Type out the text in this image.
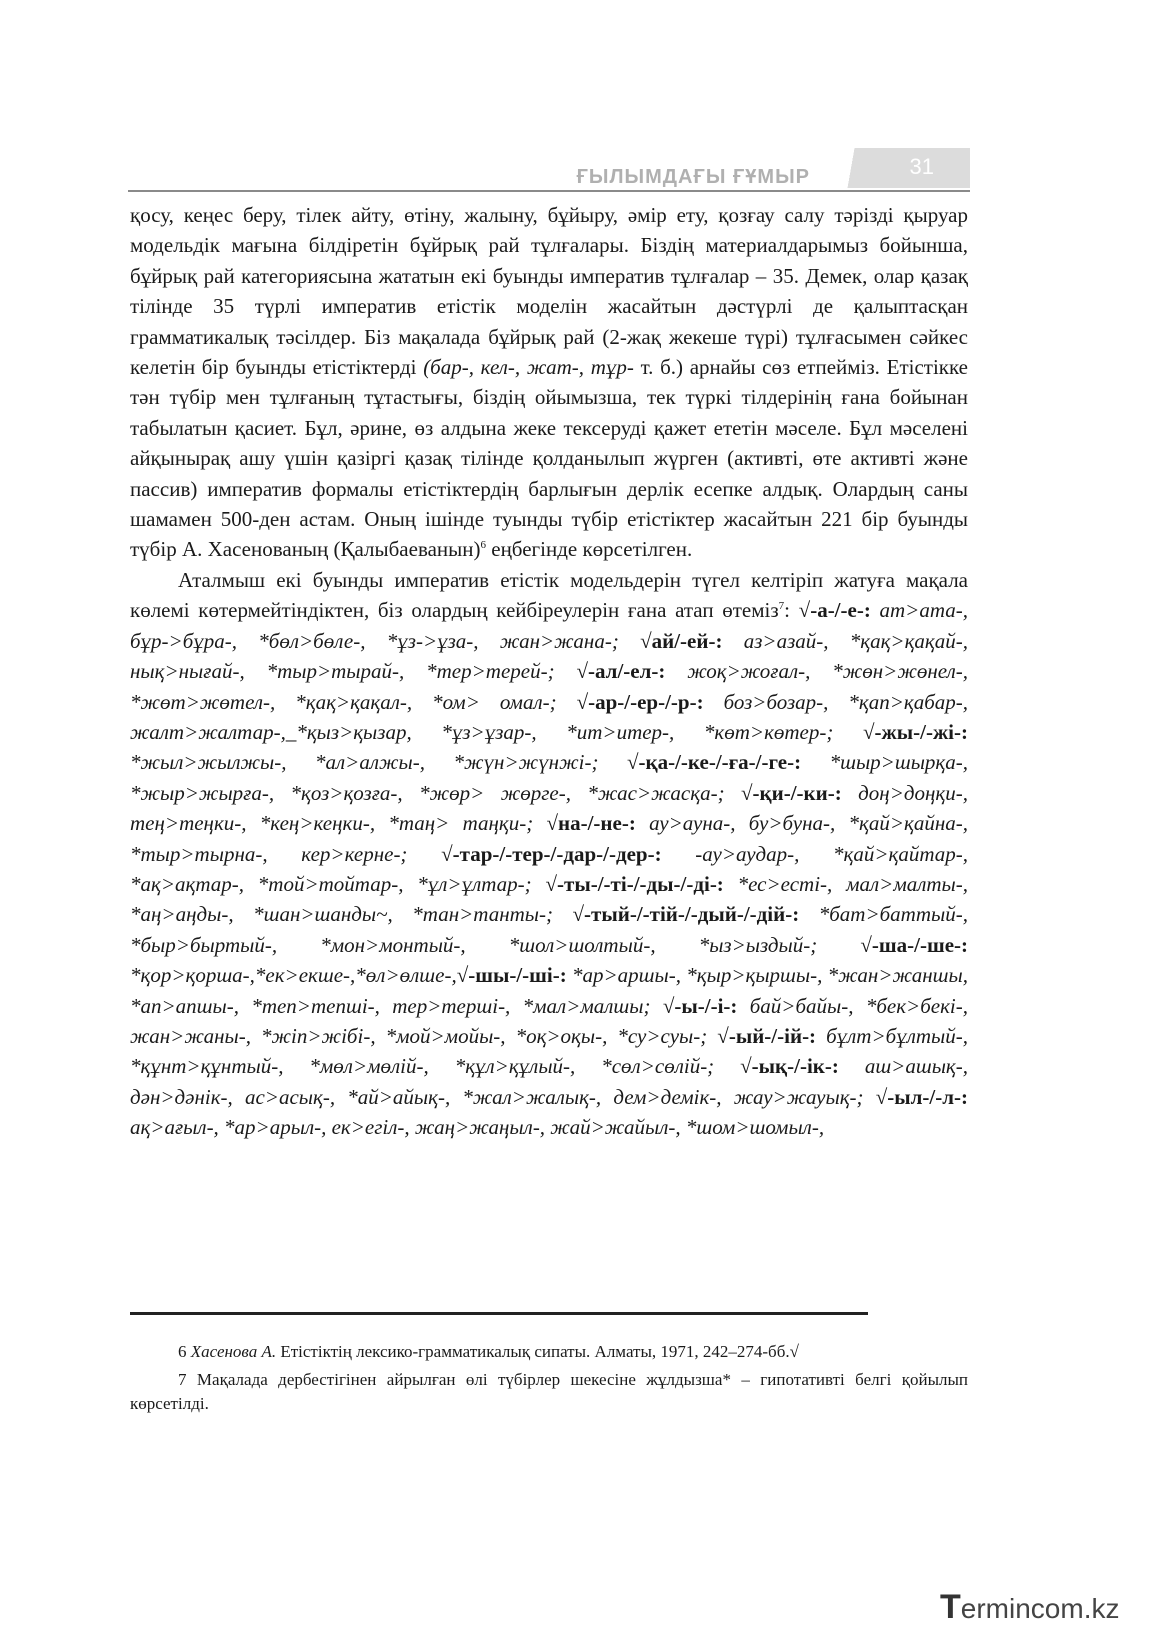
ҒЫЛЫМДАҒЫ ҒҰМЫР	31

қосу, кеңес беру, тілек айту, өтіну, жалыну, бұйыру, әмір ету, қозғау салу тәрізді қыруар модельдік мағына білдіретін бұйрық рай тұлғалары. Біздің материалдарымыз бойынша, бұйрық рай категориясына жататын екі буынды императив тұлғалар – 35. Демек, олар қазақ тілінде 35 түрлі императив етістік моделін жасайтын дәстүрлі де қалыптасқан грамматикалық тәсілдер. Біз мақалада бұйрық рай (2-жақ жекеше түрі) тұлғасымен сәйкес келетін бір буынды етістіктерді (бар-, кел-, жат-, тұр- т. б.) арнайы сөз етпейміз. Етістікке тән түбір мен тұлғаның тұтастығы, біздің ойымызша, тек түркі тілдерінің ғана бойынан табылатын қасиет. Бұл, әрине, өз алдына жеке тексеруді қажет ететін мәселе. Бұл мәселені айқынырақ ашу үшін қазіргі қазақ тілінде қолданылып жүрген (активті, өте активті және пассив) императив формалы етістіктердің барлығын дерлік есепке алдық. Олардың саны шамамен 500-ден астам. Оның ішінде туынды түбір етістіктер жасайтын 221 бір буынды түбір А. Хасенованың (Қалыбаеванын)$^6$ еңбегінде көрсетілген.

Аталмыш екі буынды императив етістік модельдерін түгел келтіріп жатуға мақала көлемі көтермейтіндіктен, біз олардың кейбіреулерін ғана атап өтеміз$^7$: √-а-/-е-: ат>ата-, бұр->бұра-, *бөл>бөле-, *ұз->ұза-, жан>жана-; √ай/-ей-: аз>азай-, *қақ>қақай-, нық>нығай-, *тыр>тырай-, *тер>терей-; √-ал/-ел-: жоқ>жоғал-, *жөн>жөнел-, *жөт>жөтел-, *қақ>қақал-, *ом> омал-; √-ар-/-ер-/-р-: боз>бозар-, *қап>қабар-, жалт>жалтар-,_*қыз>қызар, *ұз>ұзар-, *ит>итер-, *көт>көтер-; √-жы-/-жі-: *жыл>жылжы-, *ал>алжы-, *жүн>жүнжі-; √-қа-/-ке-/-ға-/-ге-: *шыр>шырқа-, *жыр>жырға-, *қоз>қозға-, *жөр> жөрге-, *жас>жасқа-; √-қи-/-ки-: доң>доңқи-, тең>теңки-, *кең>кеңки-, *таң> таңқи-; √на-/-не-: ау>ауна-, бу>буна-, *қай>қайна-, *тыр>тырна-, кер>керне-; √-тар-/-тер-/-дар-/-дер-: -ау>аудар-, *қай>қайтар-, *ақ>ақтар-, *той>тойтар-, *ұл>ұлтар-; √-ты-/-ті-/-ды-/-ді-: *ес>есті-, мал>малты-, *аң>аңды-, *шан>шанды~, *тан>танты-; √-тый-/-тій-/-дый-/-дій-: *бат>баттый-, *быр>быртый-, *мон>монтый-, *шол>шолтый-, *ыз>ыздый-; √-ша-/-ше-: *қор>қорша-,*ек>екше-,*өл>өлше-,√-шы-/-ші-: *ар>аршы-, *қыр>қыршы-, *жан>жаншы, *ап>апшы-, *теп>тепші-, тер>терші-, *мал>малшы; √-ы-/-і-: бай>байы-, *бек>бекі-, жан>жаны-, *жіп>жібі-, *мой>мойы-, *оқ>оқы-, *су>суы-; √-ый-/-ій-: бұлт>бұлтый-, *құнт>құнтый-, *мөл>мөлій-, *құл>құлый-, *сөл>сөлій-; √-ық-/-ік-: аш>ашық-, дән>дәнік-, ас>асық-, *ай>айық-, *жал>жалық-, дем>демік-, жау>жауық-; √-ыл-/-л-: ақ>ағыл-, *ар>арыл-, ек>егіл-, жаң>жаңыл-, жай>жайыл-, *шом>шомыл-,

6 Хасенова А. Етістіктің лексико-грамматикалық сипаты. Алматы, 1971, 242–274-бб.√

7 Мақалада дербестігінен айрылған өлі түбірлер шекесіне жұлдызша* – гипотативті белгі қойылып көрсетілді.

Termincom.kz
